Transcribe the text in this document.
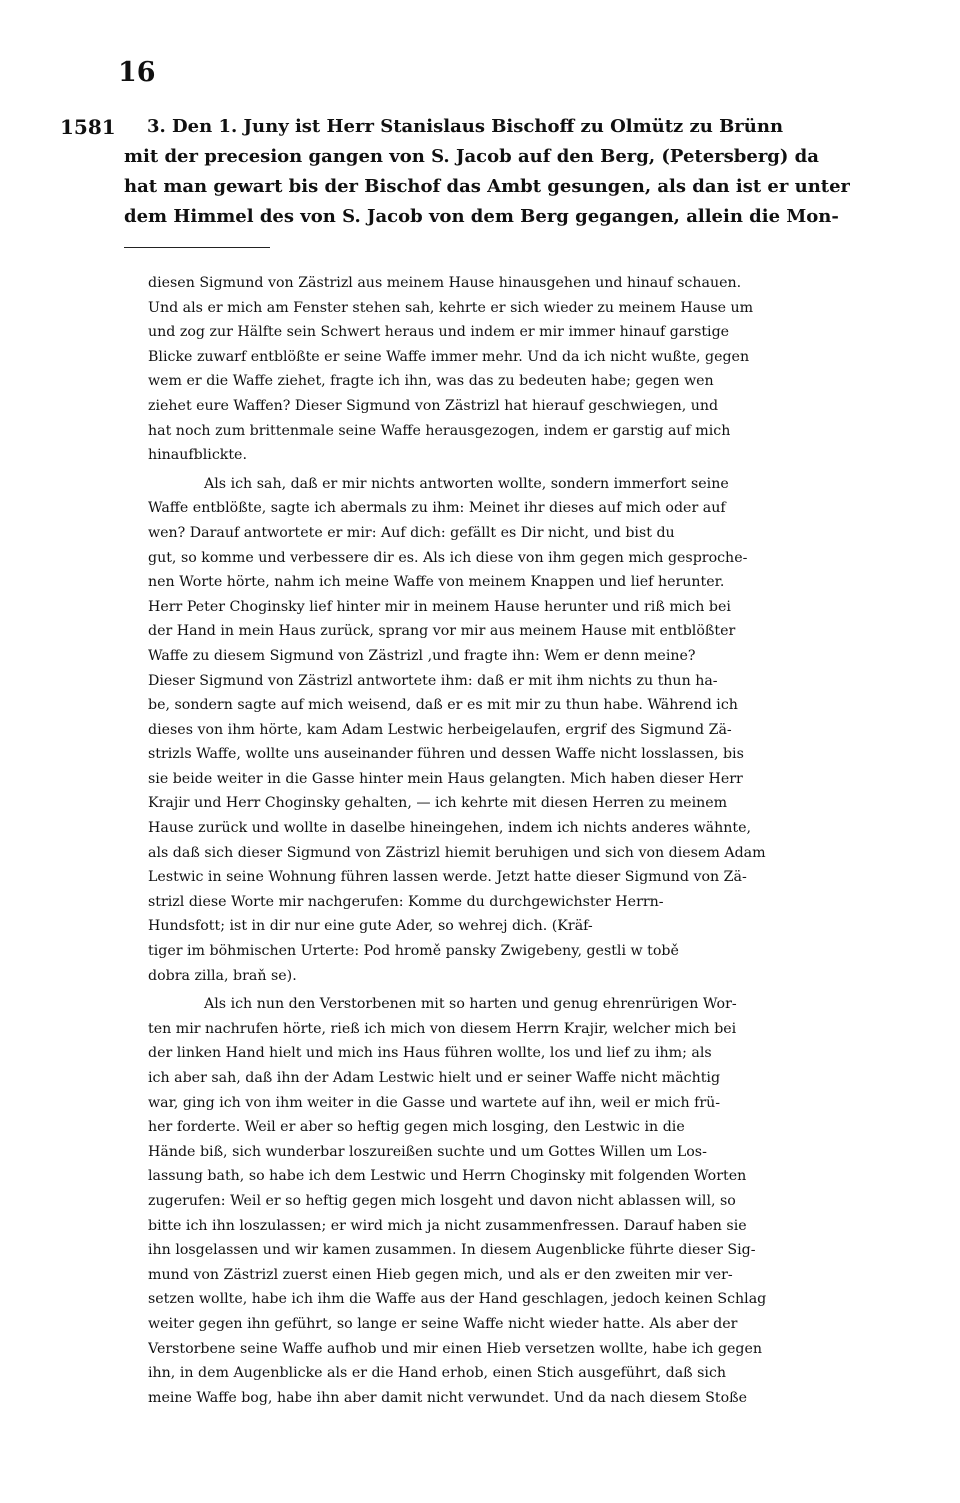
16
1581	3. Den 1. Juny ist Herr Stanislaus Bischoff zu Olmütz zu Brünn
mit der precesion gangen von S. Jacob auf den Berg, (Petersberg) da
hat man gewart bis der Bischof das Ambt gesungen, als dan ist er unter
dem Himmel des von S. Jacob von dem Berg gegangen, allein die Mon-
diesen Sigmund von Zästrizl aus meinem Hause hinausgehen und hinauf schauen.
Und als er mich am Fenster stehen sah, kehrte er sich wieder zu meinem Hause um
und zog zur Hälfte sein Schwert heraus und indem er mir immer hinauf garstige
Blicke zuwarf entblößte er seine Waffe immer mehr. Und da ich nicht wußte, gegen
wem er die Waffe ziehet, fragte ich ihn, was das zu bedeuten habe; gegen wen
ziehet eure Waffen? Dieser Sigmund von Zästrizl hat hierauf geschwiegen, und
hat noch zum brittenmale seine Waffe herausgezogen, indem er garstig auf mich
hinaufblickte.
Als ich sah, daß er mir nichts antworten wollte, sondern immerfort seine
Waffe entblößte, sagte ich abermals zu ihm: Meinet ihr dieses auf mich oder auf
wen? Darauf antwortete er mir: Auf dich: gefällt es Dir nicht, und bist du
gut, so komme und verbessere dir es. Als ich diese von ihm gegen mich gesproche-
nen Worte hörte, nahm ich meine Waffe von meinem Knappen und lief herunter.
Herr Peter Choginsky lief hinter mir in meinem Hause herunter und riß mich bei
der Hand in mein Haus zurück, sprang vor mir aus meinem Hause mit entblößter
Waffe zu diesem Sigmund von Zästrizl ,und fragte ihn: Wem er denn meine?
Dieser Sigmund von Zästrizl antwortete ihm: daß er mit ihm nichts zu thun ha-
be, sondern sagte auf mich weisend, daß er es mit mir zu thun habe. Während ich
dieses von ihm hörte, kam Adam Lestwic herbeigelaufen, ergrif des Sigmund Zä-
strizls Waffe, wollte uns auseinander führen und dessen Waffe nicht losslassen, bis
sie beide weiter in die Gasse hinter mein Haus gelangten. Mich haben dieser Herr
Krajir und Herr Choginsky gehalten, — ich kehrte mit diesen Herren zu meinem
Hause zurück und wollte in daselbe hineingehen, indem ich nichts anderes wähnte,
als daß sich dieser Sigmund von Zästrizl hiemit beruhigen und sich von diesem Adam
Lestwic in seine Wohnung führen lassen werde. Jetzt hatte dieser Sigmund von Zä-
strizl diese Worte mir nachgerufen: Komme du durchgewichster Herrn-
Hundsfott; ist in dir nur eine gute Ader, so wehrej dich. (Kräf-
tiger im böhmischen Urterte: Pod hromě pansky Zwigebeny, gestli w tobě
dobra zilla, braň se).
Als ich nun den Verstorbenen mit so harten und genug ehrenrürigen Wor-
ten mir nachrufen hörte, rieß ich mich von diesem Herrn Krajir, welcher mich bei
der linken Hand hielt und mich ins Haus führen wollte, los und lief zu ihm; als
ich aber sah, daß ihn der Adam Lestwic hielt und er seiner Waffe nicht mächtig
war, ging ich von ihm weiter in die Gasse und wartete auf ihn, weil er mich frü-
her forderte. Weil er aber so heftig gegen mich losging, den Lestwic in die
Hände biß, sich wunderbar loszureißen suchte und um Gottes Willen um Los-
lassung bath, so habe ich dem Lestwic und Herrn Choginsky mit folgenden Worten
zugerufen: Weil er so heftig gegen mich losgeht und davon nicht ablassen will, so
bitte ich ihn loszulassen; er wird mich ja nicht zusammenfressen. Darauf haben sie
ihn losgelassen und wir kamen zusammen. In diesem Augenblicke führte dieser Sig-
mund von Zästrizl zuerst einen Hieb gegen mich, und als er den zweiten mir ver-
setzen wollte, habe ich ihm die Waffe aus der Hand geschlagen, jedoch keinen Schlag
weiter gegen ihn geführt, so lange er seine Waffe nicht wieder hatte. Als aber der
Verstorbene seine Waffe aufhob und mir einen Hieb versetzen wollte, habe ich gegen
ihn, in dem Augenblicke als er die Hand erhob, einen Stich ausgeführt, daß sich
meine Waffe bog, habe ihn aber damit nicht verwundet. Und da nach diesem Stoße
